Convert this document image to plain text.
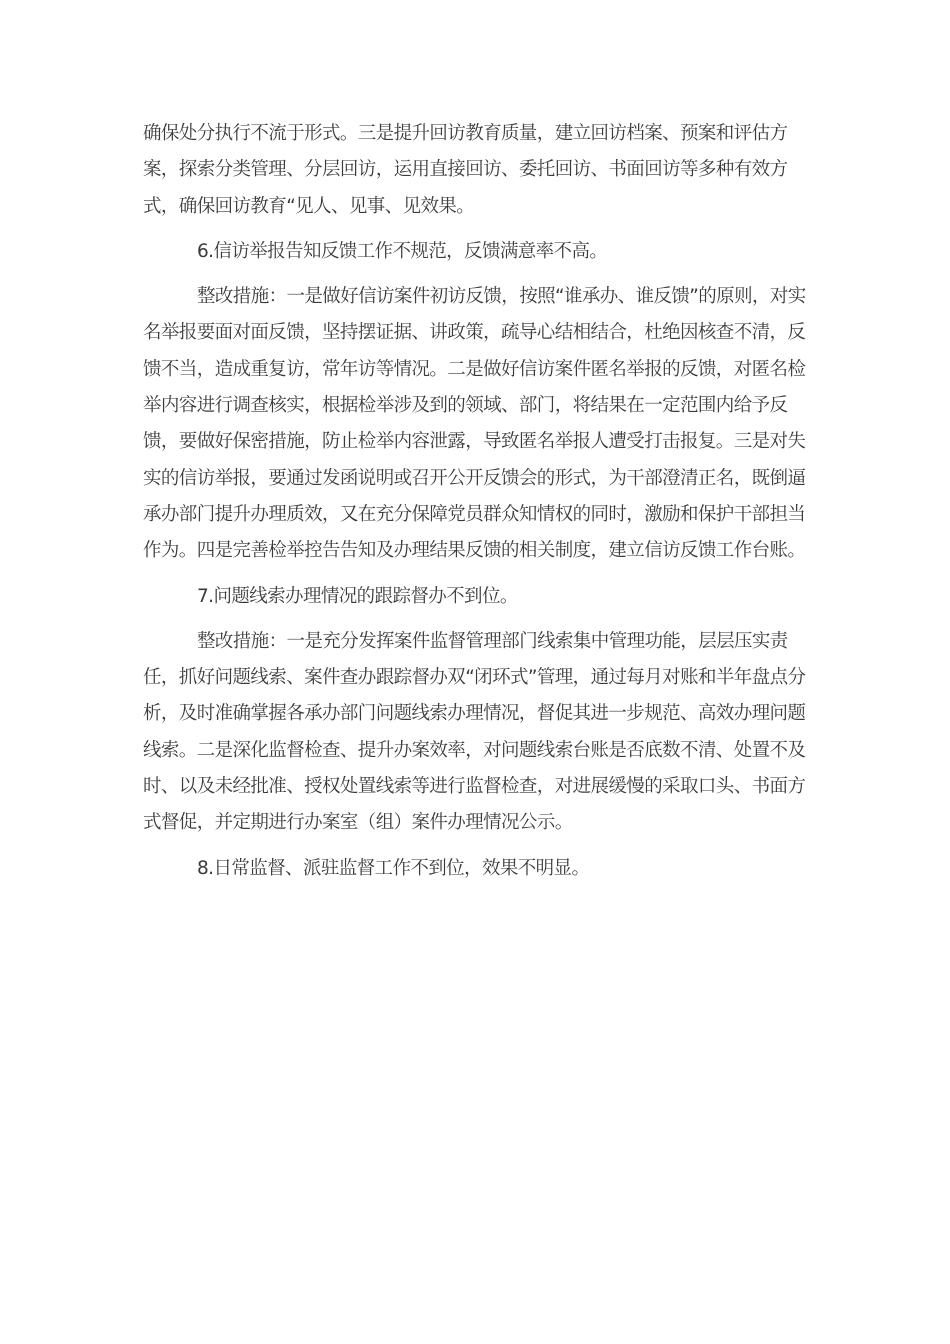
确保处分执行不流于形式。三是提升回访教育质量，建立回访档案、预案和评估方案，探索分类管理、分层回访，运用直接回访、委托回访、书面回访等多种有效方式，确保回访教育“见人、见事、见效果。

6.信访举报告知反馈工作不规范，反馈满意率不高。

整改措施：一是做好信访案件初访反馈，按照“谁承办、谁反馈”的原则，对实名举报要面对面反馈，坚持摆证据、讲政策，疏导心结相结合，杜绝因核查不清，反馈不当，造成重复访，常年访等情况。二是做好信访案件匿名举报的反馈，对匿名检举内容进行调查核实，根据检举涉及到的领域、部门，将结果在一定范围内给予反馈，要做好保密措施，防止检举内容泄露，导致匿名举报人遭受打击报复。三是对失实的信访举报，要通过发函说明或召开公开反馈会的形式，为干部澄清正名，既倒逼承办部门提升办理质效，又在充分保障党员群众知情权的同时，激励和保护干部担当作为。四是完善检举控告告知及办理结果反馈的相关制度，建立信访反馈工作台账。

7.问题线索办理情况的跟踪督办不到位。

整改措施：一是充分发挥案件监督管理部门线索集中管理功能，层层压实责任，抓好问题线索、案件查办跟踪督办双“闭环式”管理，通过每月对账和半年盘点分析，及时准确掌握各承办部门问题线索办理情况，督促其进一步规范、高效办理问题线索。二是深化监督检查、提升办案效率，对问题线索台账是否底数不清、处置不及时、以及未经批准、授权处置线索等进行监督检查，对进展缓慢的采取口头、书面方式督促，并定期进行办案室（组）案件办理情况公示。

8.日常监督、派驻监督工作不到位，效果不明显。
